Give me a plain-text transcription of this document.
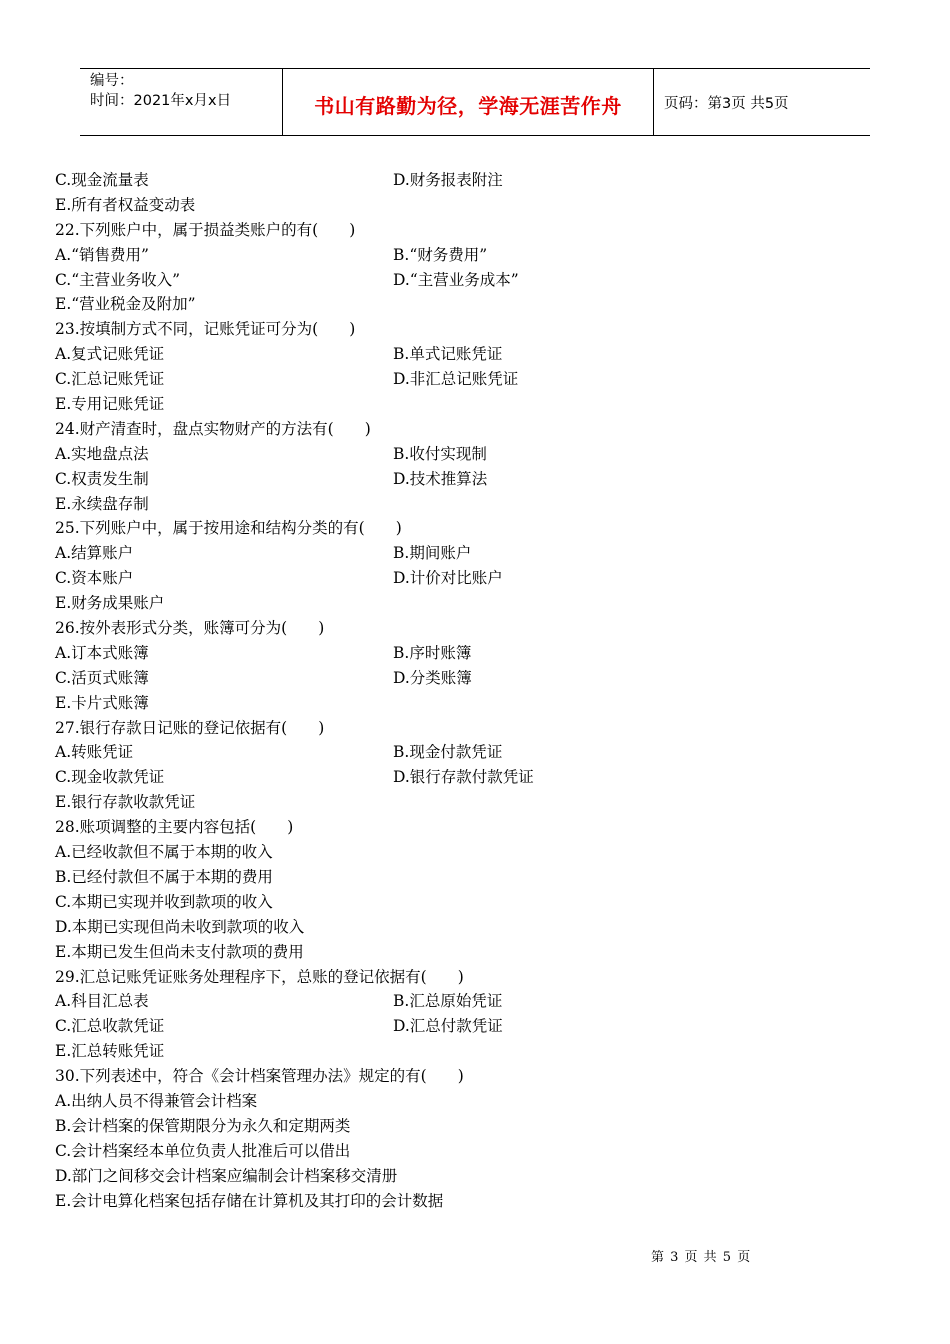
编号：
时间：2021年x月x日	书山有路勤为径，学海无涯苦作舟	页码：第3页 共5页
C.现金流量表	D.财务报表附注
E.所有者权益变动表
22.下列账户中，属于损益类账户的有(　　)
A.“销售费用”	B.“财务费用”
C.“主营业务收入”	D.“主营业务成本”
E.“营业税金及附加”
23.按填制方式不同，记账凭证可分为(　　)
A.复式记账凭证	B.单式记账凭证
C.汇总记账凭证	D.非汇总记账凭证
E.专用记账凭证
24.财产清查时，盘点实物财产的方法有(　　)
A.实地盘点法	B.收付实现制
C.权责发生制	D.技术推算法
E.永续盘存制
25.下列账户中，属于按用途和结构分类的有(　　)
A.结算账户	B.期间账户
C.资本账户	D.计价对比账户
E.财务成果账户
26.按外表形式分类，账簿可分为(　　)
A.订本式账簿	B.序时账簿
C.活页式账簿	D.分类账簿
E.卡片式账簿
27.银行存款日记账的登记依据有(　　)
A.转账凭证	B.现金付款凭证
C.现金收款凭证	D.银行存款付款凭证
E.银行存款收款凭证
28.账项调整的主要内容包括(　　)
A.已经收款但不属于本期的收入
B.已经付款但不属于本期的费用
C.本期已实现并收到款项的收入
D.本期已实现但尚未收到款项的收入
E.本期已发生但尚未支付款项的费用
29.汇总记账凭证账务处理程序下，总账的登记依据有(　　)
A.科目汇总表	B.汇总原始凭证
C.汇总收款凭证	D.汇总付款凭证
E.汇总转账凭证
30.下列表述中，符合《会计档案管理办法》规定的有(　　)
A.出纳人员不得兼管会计档案
B.会计档案的保管期限分为永久和定期两类
C.会计档案经本单位负责人批准后可以借出
D.部门之间移交会计档案应编制会计档案移交清册
E.会计电算化档案包括存储在计算机及其打印的会计数据
第 3 页 共 5 页
